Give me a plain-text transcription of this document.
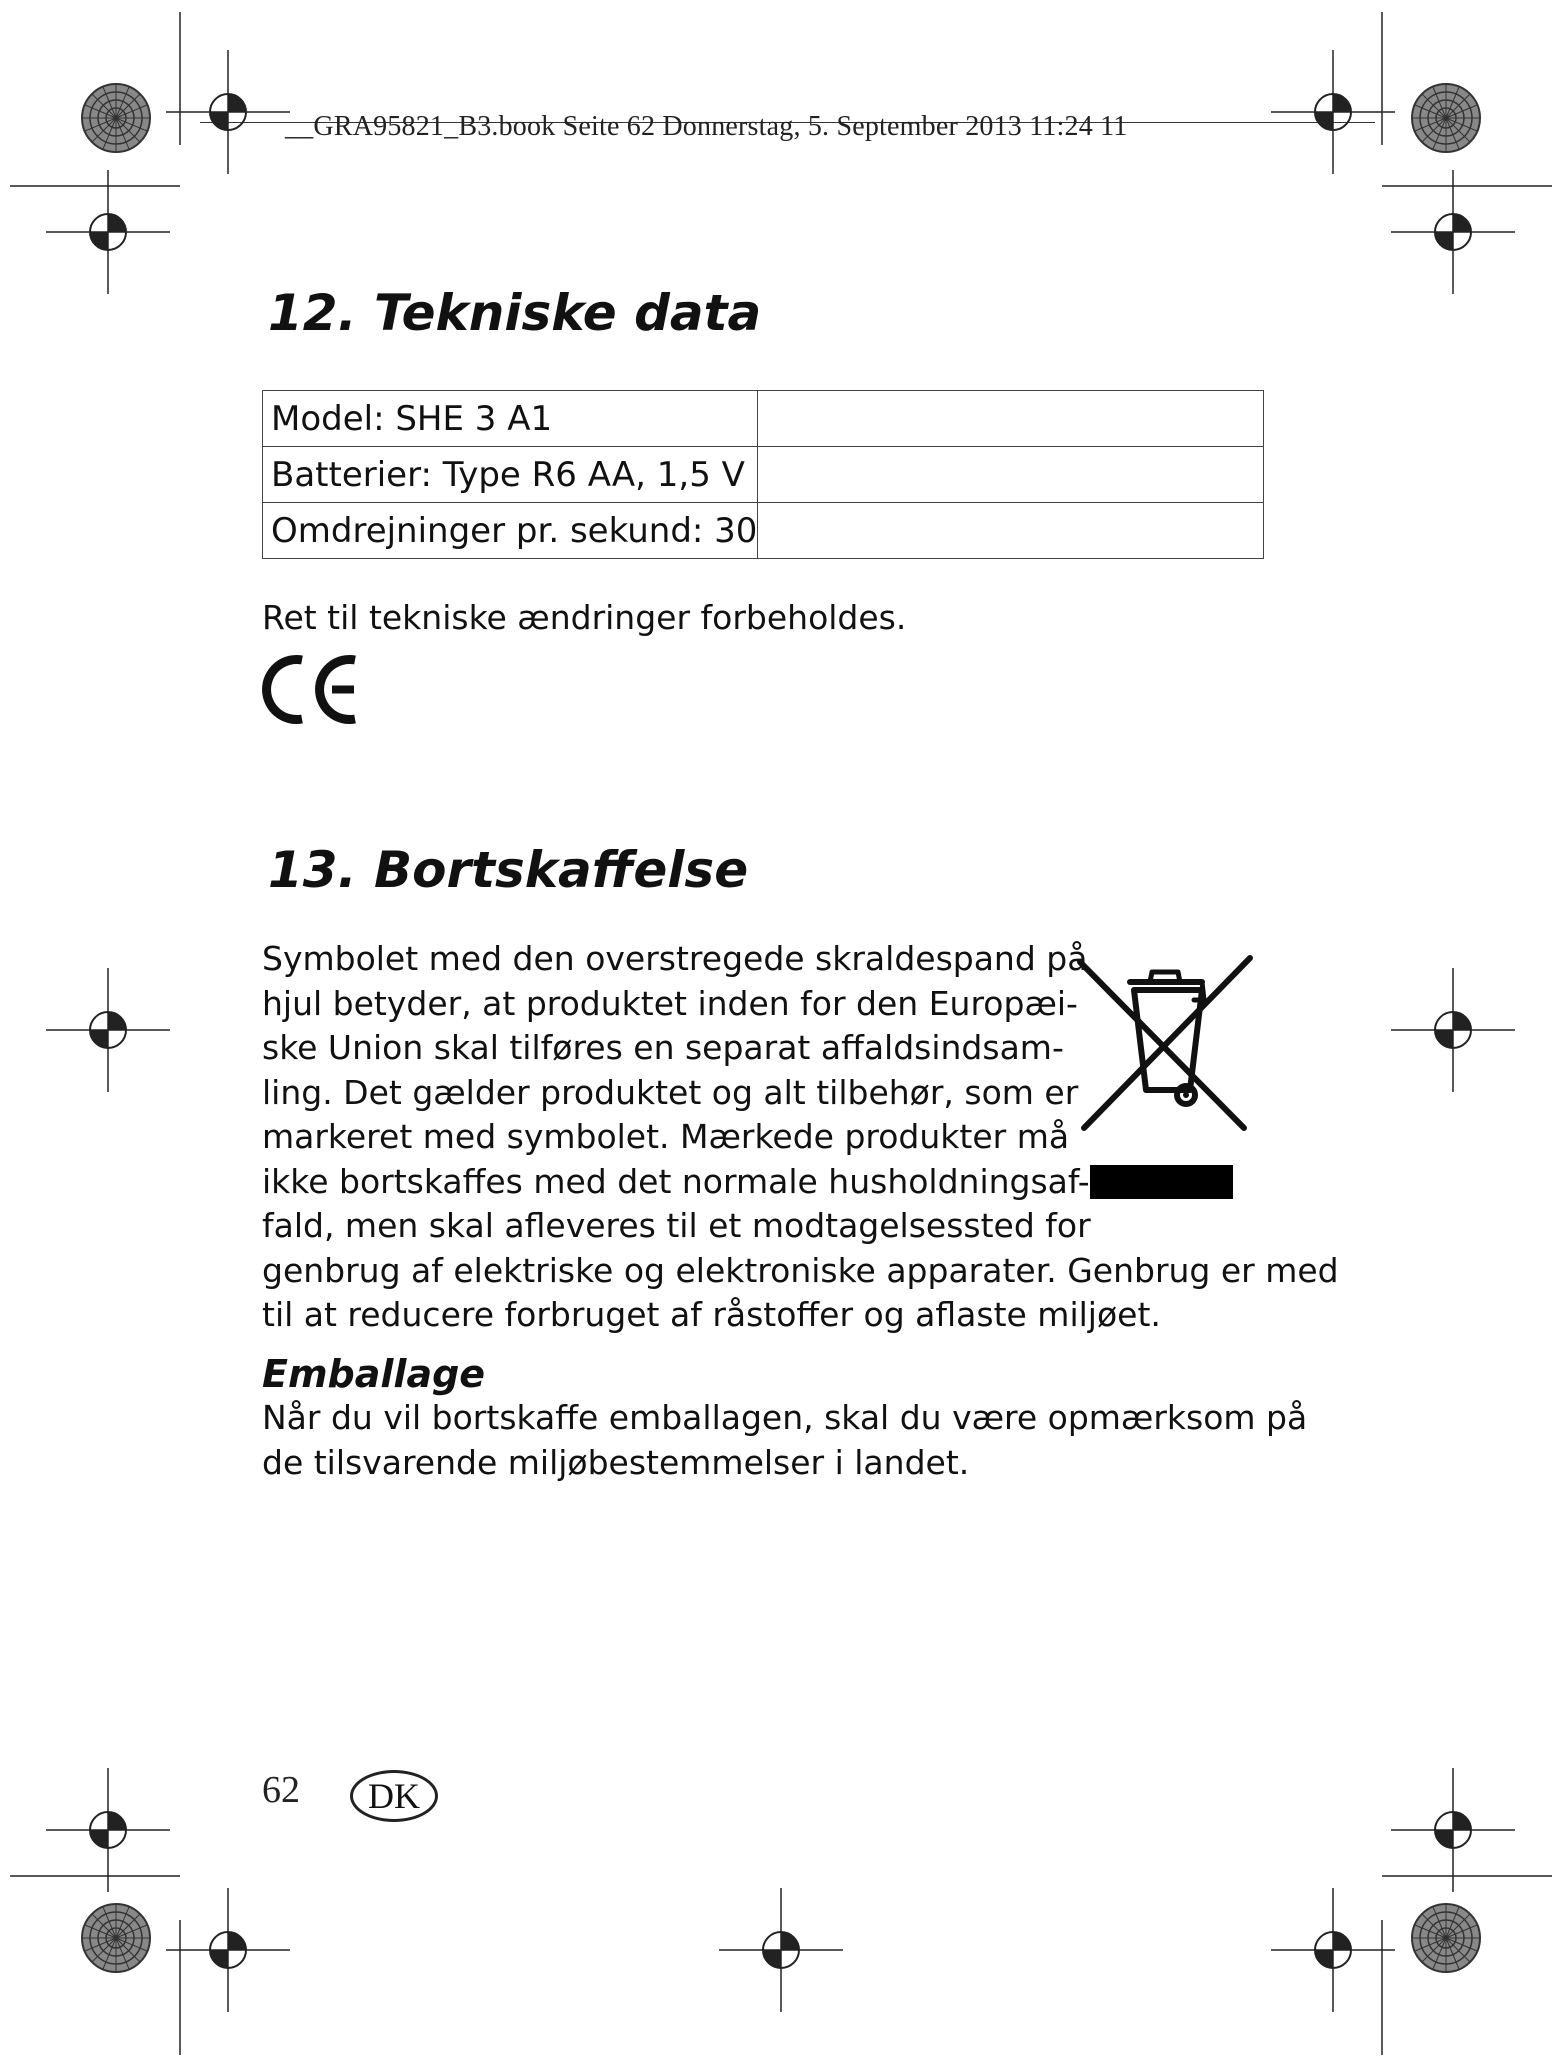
__GRA95821_B3.book Seite 62 Donnerstag, 5. September 2013 11:24 11
12. Tekniske data
Model: SHE 3 A1	
Batterier: Type R6 AA, 1,5 V	
Omdrejninger pr. sekund: 30	

Ret til tekniske ændringer forbeholdes.

13. Bortskaffelse

Symbolet med den overstregede skraldespand på

hjul betyder, at produktet inden for den Europæi-

ske Union skal tilføres en separat affaldsindsam-

ling. Det gælder produktet og alt tilbehør, som er

markeret med symbolet. Mærkede produkter må

ikke bortskaffes med det normale husholdningsaf-

fald, men skal afleveres til et modtagelsessted for

genbrug af elektriske og elektroniske apparater. Genbrug er med

til at reducere forbruget af råstoffer og aflaste miljøet.

Emballage

Når du vil bortskaffe emballagen, skal du være opmærksom på

de tilsvarende miljøbestemmelser i landet.

62	DK
